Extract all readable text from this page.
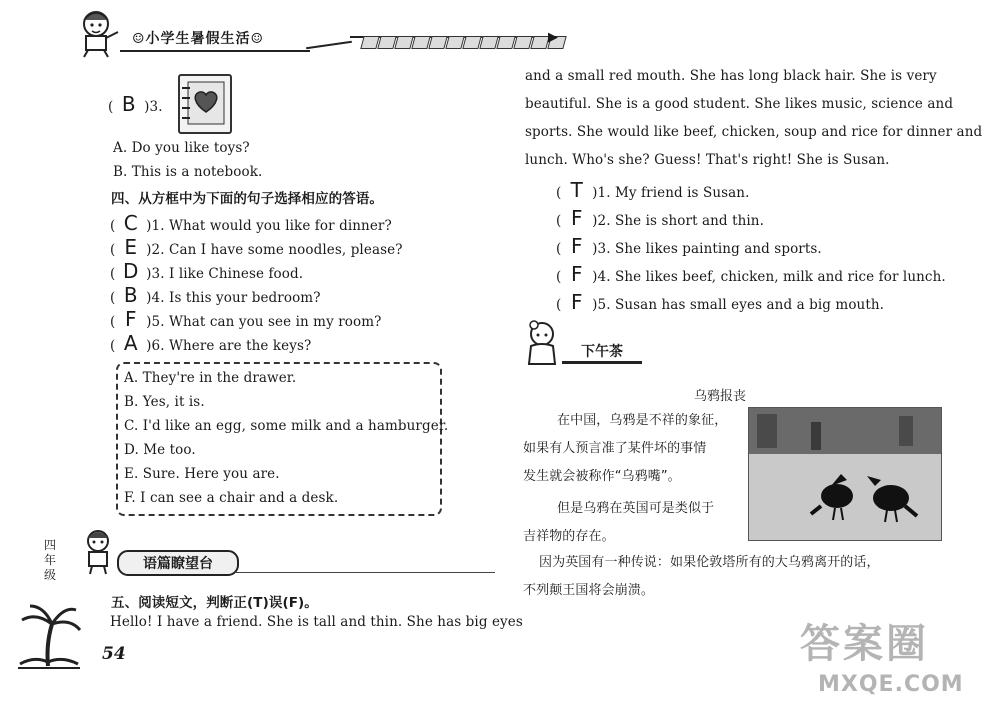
☺小学生暑假生活☺	▶
( B )3.
A. Do you like toys?
B. This is a notebook.
四、从方框中为下面的句子选择相应的答语。
( C )1. What would you like for dinner?
( E )2. Can I have some noodles, please?
( D )3. I like Chinese food.
( B )4. Is this your bedroom?
( F )5. What can you see in my room?
( A )6. Where are the keys?
A. They're in the drawer.
B. Yes, it is.
C. I'd like an egg, some milk and a hamburger.
D. Me too.
E. Sure. Here you are.
F. I can see a chair and a desk.
四年级
语篇瞭望台
五、阅读短文，判断正(T)误(F)。
Hello! I have a friend. She is tall and thin. She has big eyes
54
and a small red mouth. She has long black hair. She is very
beautiful. She is a good student. She likes music, science and
sports. She would like beef, chicken, soup and rice for dinner and
lunch. Who's she? Guess! That's right! She is Susan.
( T )1. My friend is Susan.
( F )2. She is short and thin.
( F )3. She likes painting and sports.
( F )4. She likes beef, chicken, milk and rice for lunch.
( F )5. Susan has small eyes and a big mouth.
下午茶
乌鸦报丧
在中国，乌鸦是不祥的象征，
如果有人预言准了某件坏的事情
发生就会被称作“乌鸦嘴”。
但是乌鸦在英国可是类似于
吉祥物的存在。
因为英国有一种传说：如果伦敦塔所有的大乌鸦离开的话，
不列颠王国将会崩溃。
答案圈
MXQE.COM
